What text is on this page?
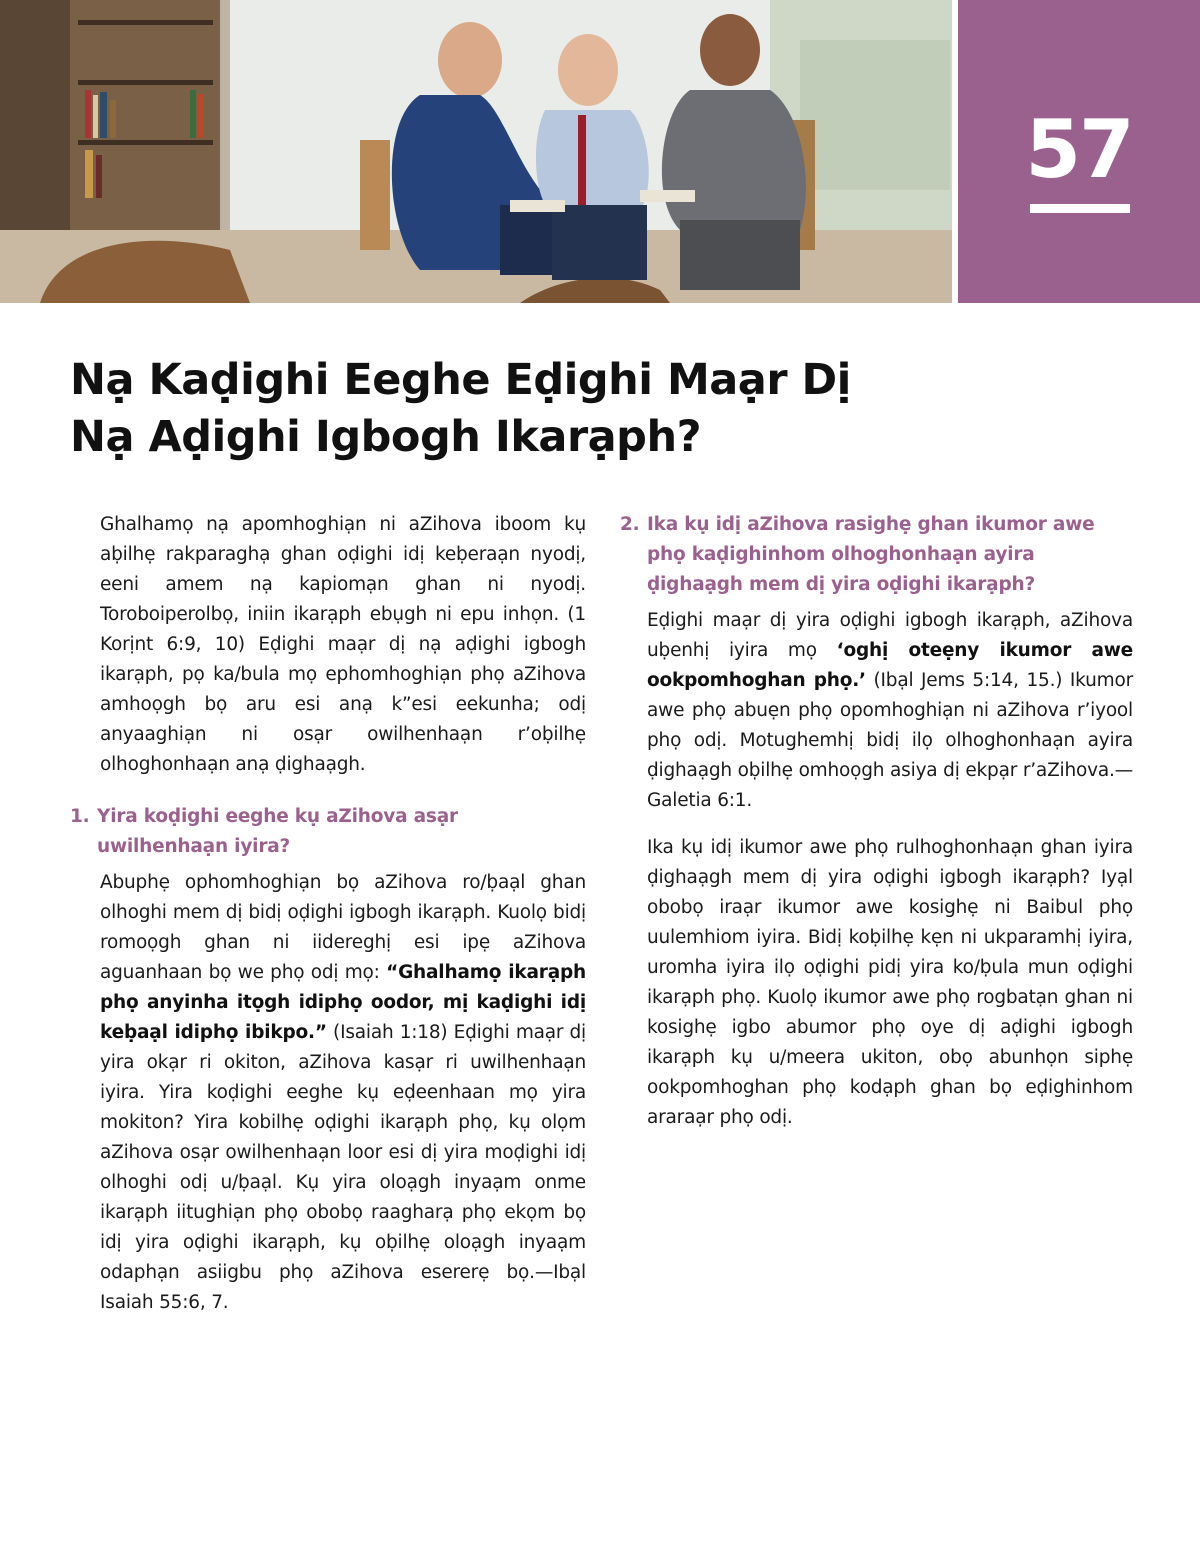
57
Nạ Kaḍighi Eeghe Eḍighi Maạr Dị
Nạ Aḍighi Igbogh Ikarạph?

Ghalhamọ nạ apomhoghiạn ni aZihova iboom kụ aḅilhẹ rakparaghạ ghan oḍighi idị keḅeraạn nyodị, eeni amem nạ kapiomạn ghan ni nyodị. Toroboiperolbọ, iniin ikarạph ebụgh ni epu inhọn. (1 Korịnt 6:9, 10) Eḍighi maạr dị nạ aḍighi igbogh ikarạph, pọ ka/bula mọ ephomhoghiạn phọ aZihova amhoọgh bọ aru esi anạ k”esi eekunha; odị anyaaghiạn ni osạr owilhenhaạn r’oḅilhẹ olhoghonhaạn anạ ḍighaạgh.

1. Yira koḍighi eeghe kụ aZihova asạr uwilhenhaạn iyira?

Abuphẹ ophomhoghiạn bọ aZihova ro/ḅaạl ghan olhoghi mem dị bidị oḍighi igbogh ikarạph. Kuolọ bidị romoọgh ghan ni iidereghị esi ipẹ aZihova aguanhaan bọ we phọ odị mọ: “Ghalhamọ ikarạph phọ anyinha itọgh idiphọ oodor, mị kaḍighi idị keḅaạl idiphọ ibikpo.” (Isaiah 1:18) Eḍighi maạr dị yira okạr ri okiton, aZihova kasạr ri uwilhenhaạn iyira. Yira koḍighi eeghe kụ eḍeenhaan mọ yira mokiton? Yira kobilhẹ oḍighi ikarạph phọ, kụ olọm aZihova osạr owilhenhaạn loor esi dị yira moḍighi idị olhoghi odị u/ḅaạl. Kụ yira oloạgh inyaạm onme ikarạph iitughiạn phọ obobọ raagharạ phọ ekọm bọ idị yira oḍighi ikarạph, kụ oḅilhẹ oloạgh inyaạm odaphạn asiigbu phọ aZihova esererẹ bọ.—Ibạl Isaiah 55:6, 7.

2. Ika kụ idị aZihova rasighẹ ghan ikumor awe phọ kaḍighinhom olhoghonhaạn ayira ḍighaạgh mem dị yira oḍighi ikarạph?

Eḍighi maạr dị yira oḍighi igbogh ikarạph, aZihova uḅenhị iyira mọ ‘oghị oteẹny ikumor awe ookpomhoghan phọ.’ (Ibạl Jems 5:14, 15.) Ikumor awe phọ abuẹn phọ opomhoghiạn ni aZihova r’iyool phọ odị. Motughemhị bidị ilọ olhoghonhaạn ayira ḍighaạgh oḅilhẹ omhoọgh asiya dị ekpạr r’aZihova.—Galetia 6:1.

Ika kụ idị ikumor awe phọ rulhoghonhaạn ghan iyira ḍighaạgh mem dị yira oḍighi igbogh ikarạph? Iyạl obobọ iraạr ikumor awe kosighẹ ni Baibul phọ uulemhiom iyira. Bidị koḅilhẹ kẹn ni ukparamhị iyira, uromha iyira ilọ oḍighi pidị yira ko/ḅula mun oḍighi ikarạph phọ. Kuolọ ikumor awe phọ rogbatạn ghan ni kosighẹ igbo abumor phọ oye dị aḍighi igbogh ikarạph kụ u/meera ukiton, obọ abunhọn siphẹ ookpomhoghan phọ kodạph ghan bọ eḍighinhom araraạr phọ odị.
